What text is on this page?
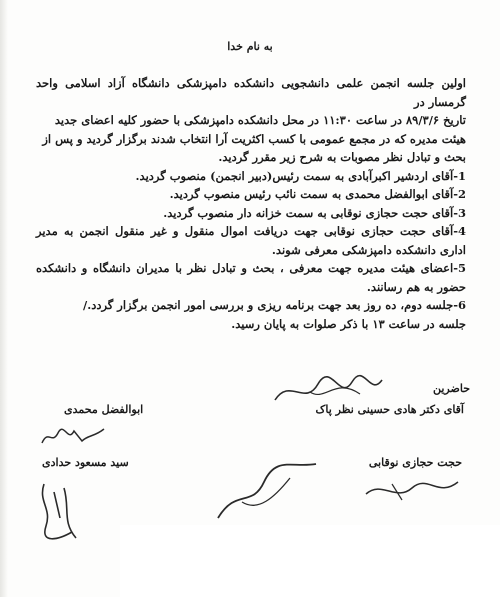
به نام خدا

اولین جلسه انجمن علمی دانشجویی دانشکده دامپزشکی دانشگاه آزاد اسلامی واحد گرمسار در

تاریخ ۸۹/۳/۶ در ساعت ۱۱:۳۰ در محل دانشکده دامپزشکی با حضور کلیه اعضای جدید

هیئت مدیره که در مجمع عمومی با کسب اکثریت آرا انتخاب شدند برگزار گردید و پس از

بحث و تبادل نظر مصوبات به شرح زیر مقرر گردید.

1-آقای اردشیر اکبرآبادی به سمت رئیس(دبیر انجمن) منصوب گردید.

2-آقای ابوالفضل محمدی به سمت نائب رئیس منصوب گردید.

3-آقای حجت حجازی نوقابی به سمت خزانه دار منصوب گردید.

4-آقای حجت حجازی نوقابی جهت دریافت اموال منقول و غیر منقول انجمن به مدیر اداری دانشکده دامپزشکی معرفی شوند.

5-اعضای هیئت مدیره جهت معرفی ، بحث و تبادل نظر با مدیران دانشگاه و دانشکده حضور به هم رسانند.

6-جلسه دوم، ده روز بعد جهت برنامه ریزی و بررسی امور انجمن برگزار گردد./

جلسه در ساعت ۱۳ با ذکر صلوات به پایان رسید.

حاضرین
آقای دکتر هادی حسینی نظر پاک
ابوالفضل محمدی
حجت حجازی نوقابی
سید مسعود حدادی
